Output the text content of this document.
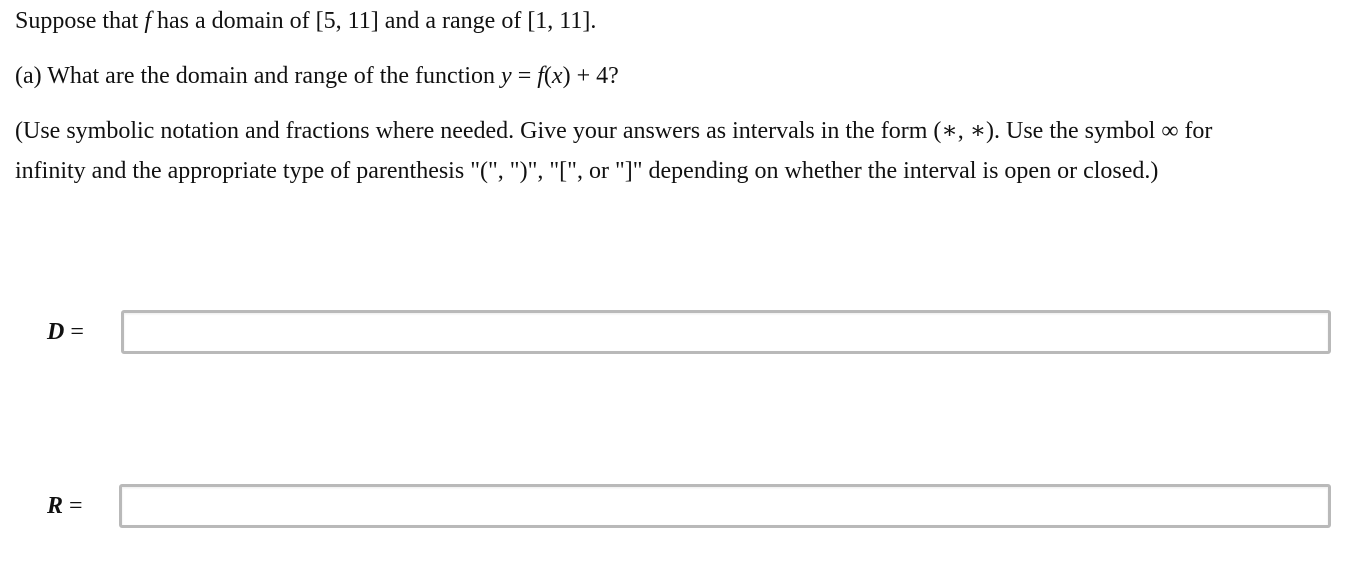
Suppose that f has a domain of [5, 11] and a range of [1, 11].
(a) What are the domain and range of the function y = f(x) + 4?
(Use symbolic notation and fractions where needed. Give your answers as intervals in the form (∗, ∗). Use the symbol ∞ for
infinity and the appropriate type of parenthesis "(", ")", "[", or "]" depending on whether the interval is open or closed.)
D =
R =
